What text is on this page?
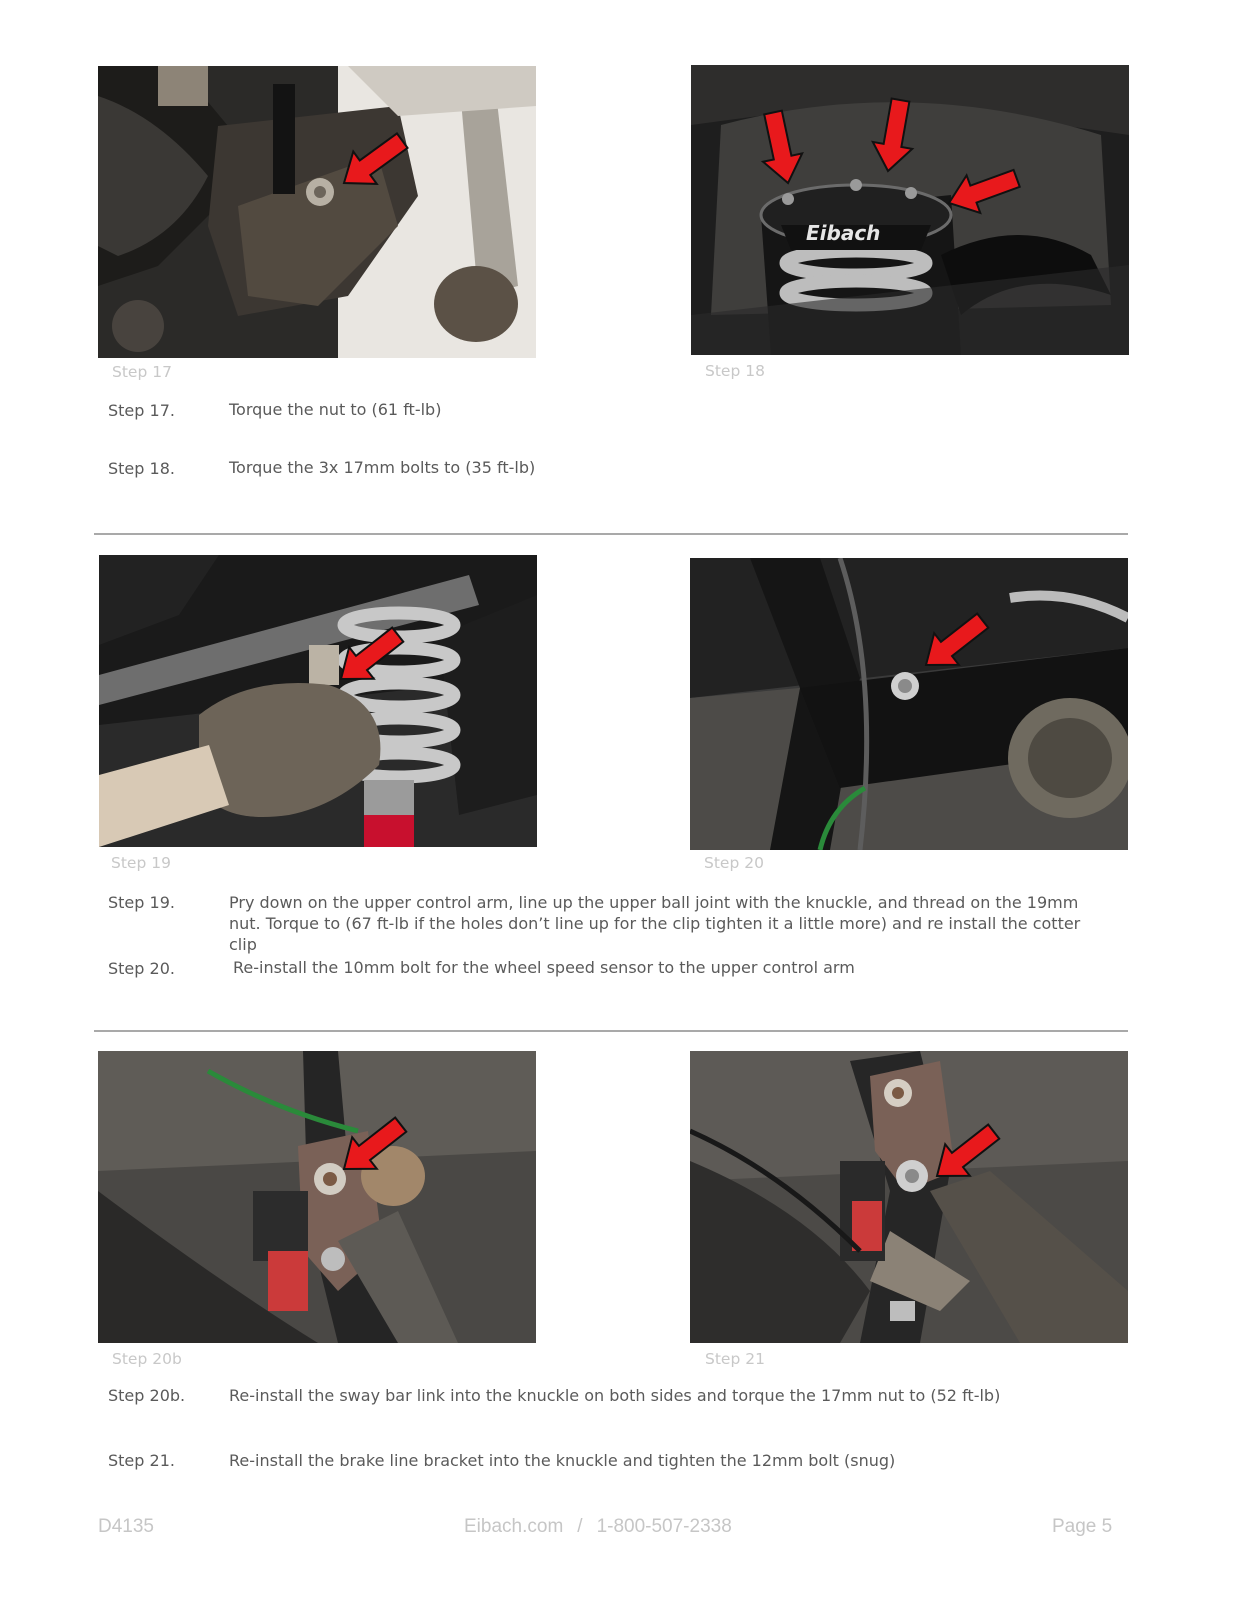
Step 17
Eibach
Step 18
Step 17.	Torque the nut to (61 ft-lb)
Step 18.	Torque the 3x 17mm bolts to (35 ft-lb)
Step 19	Step 20
Step 19.	Pry down on the upper control arm, line up the upper ball joint with the knuckle, and thread on the 19mm nut. Torque to (67 ft-lb if the holes don’t line up for the clip tighten it a little more) and re install the cotter clip
Step 20.	Re-install the 10mm bolt for the wheel speed sensor to the upper control arm
Step 20b	Step 21
Step 20b.	Re-install the sway bar link into the knuckle on both sides and torque the 17mm nut to (52 ft-lb)
Step 21.	Re-install the brake line bracket into the knuckle and tighten the 12mm bolt (snug)
D4135	Eibach.com / 1-800-507-2338	Page 5
